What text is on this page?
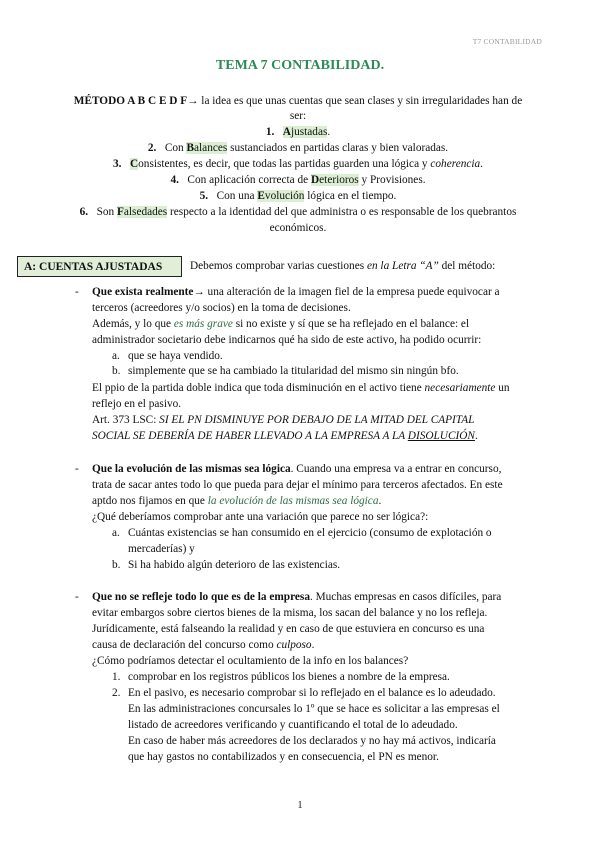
T7 CONTABILIDAD
TEMA 7 CONTABILIDAD.
MÉTODO A B C E D F→ la idea es que unas cuentas que sean clases y sin irregularidades han de
ser:
1. Ajustadas.
2. Con Balances sustanciados en partidas claras y bien valoradas.
3. Consistentes, es decir, que todas las partidas guarden una lógica y coherencia.
4. Con aplicación correcta de Deterioros y Provisiones.
5. Con una Evolución lógica en el tiempo.
6. Son Falsedades respecto a la identidad del que administra o es responsable de los quebrantos
económicos.
A: CUENTAS AJUSTADAS	Debemos comprobar varias cuestiones en la Letra “A” del método:
- Que exista realmente→ una alteración de la imagen fiel de la empresa puede equivocar a
terceros (acreedores y/o socios) en la toma de decisiones.
Además, y lo que es más grave si no existe y sí que se ha reflejado en el balance: el
administrador societario debe indicarnos qué ha sido de este activo, ha podido ocurrir:
a. que se haya vendido.
b. simplemente que se ha cambiado la titularidad del mismo sin ningún bfo.
El ppio de la partida doble indica que toda disminución en el activo tiene necesariamente un
reflejo en el pasivo.
Art. 373 LSC: SI EL PN DISMINUYE POR DEBAJO DE LA MITAD DEL CAPITAL
SOCIAL SE DEBERÍA DE HABER LLEVADO A LA EMPRESA A LA DISOLUCIÓN.
- Que la evolución de las mismas sea lógica. Cuando una empresa va a entrar en concurso,
trata de sacar antes todo lo que pueda para dejar el mínimo para terceros afectados. En este
aptdo nos fijamos en que la evolución de las mismas sea lógica.
¿Qué deberíamos comprobar ante una variación que parece no ser lógica?:
a. Cuántas existencias se han consumido en el ejercicio (consumo de explotación o
mercaderías) y
b. Si ha habido algún deterioro de las existencias.
- Que no se refleje todo lo que es de la empresa. Muchas empresas en casos difíciles, para
evitar embargos sobre ciertos bienes de la misma, los sacan del balance y no los refleja.
Jurídicamente, está falseando la realidad y en caso de que estuviera en concurso es una
causa de declaración del concurso como culposo.
¿Cómo podríamos detectar el ocultamiento de la info en los balances?
1. comprobar en los registros públicos los bienes a nombre de la empresa.
2. En el pasivo, es necesario comprobar si lo reflejado en el balance es lo adeudado.
En las administraciones concursales lo 1º que se hace es solicitar a las empresas el
listado de acreedores verificando y cuantificando el total de lo adeudado.
En caso de haber más acreedores de los declarados y no hay má activos, indicaría
que hay gastos no contabilizados y en consecuencia, el PN es menor.
1
